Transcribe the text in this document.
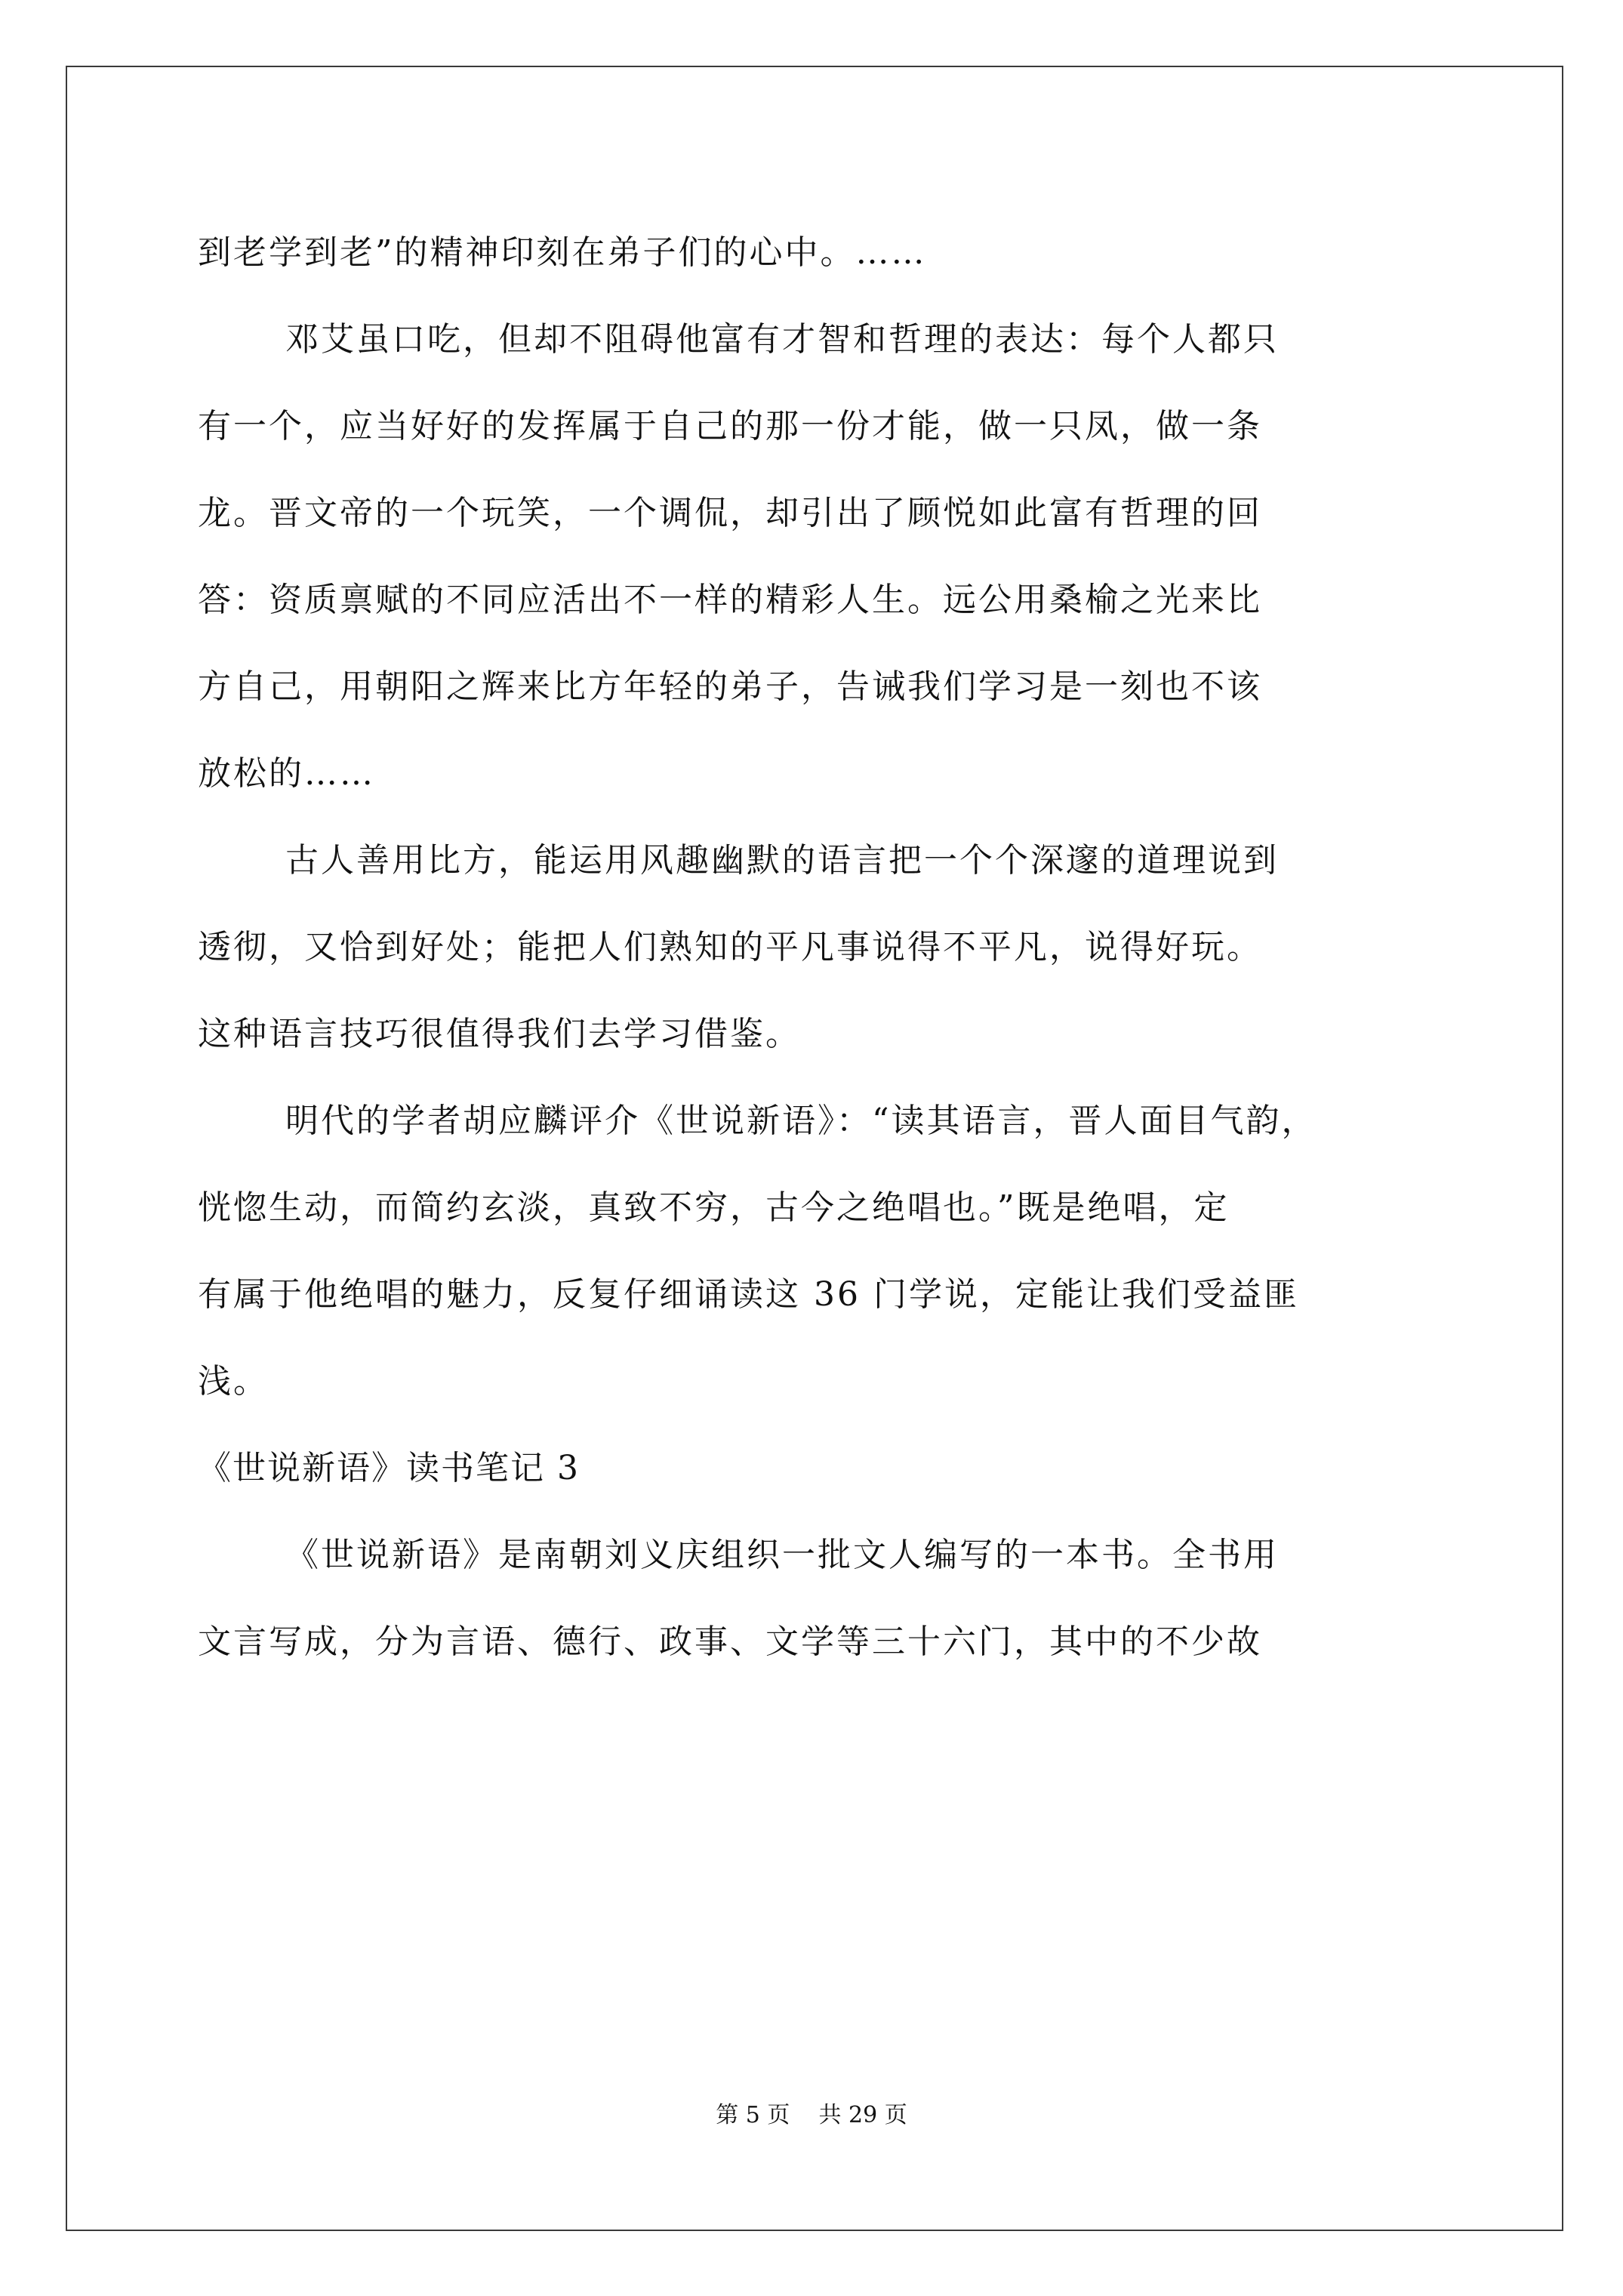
到老学到老”的精神印刻在弟子们的心中。……
邓艾虽口吃，但却不阻碍他富有才智和哲理的表达：每个人都只
有一个，应当好好的发挥属于自己的那一份才能，做一只凤，做一条
龙。晋文帝的一个玩笑，一个调侃，却引出了顾悦如此富有哲理的回
答：资质禀赋的不同应活出不一样的精彩人生。远公用桑榆之光来比
方自己，用朝阳之辉来比方年轻的弟子，告诫我们学习是一刻也不该
放松的……
古人善用比方，能运用风趣幽默的语言把一个个深邃的道理说到
透彻，又恰到好处；能把人们熟知的平凡事说得不平凡，说得好玩。
这种语言技巧很值得我们去学习借鉴。
明代的学者胡应麟评介《世说新语》：“读其语言，晋人面目气韵，
恍惚生动，而简约玄淡，真致不穷，古今之绝唱也。”既是绝唱，定
有属于他绝唱的魅力，反复仔细诵读这 36 门学说，定能让我们受益匪
浅。
《世说新语》读书笔记 3
《世说新语》是南朝刘义庆组织一批文人编写的一本书。全书用
文言写成，分为言语、德行、政事、文学等三十六门，其中的不少故
第 5 页    共 29 页
